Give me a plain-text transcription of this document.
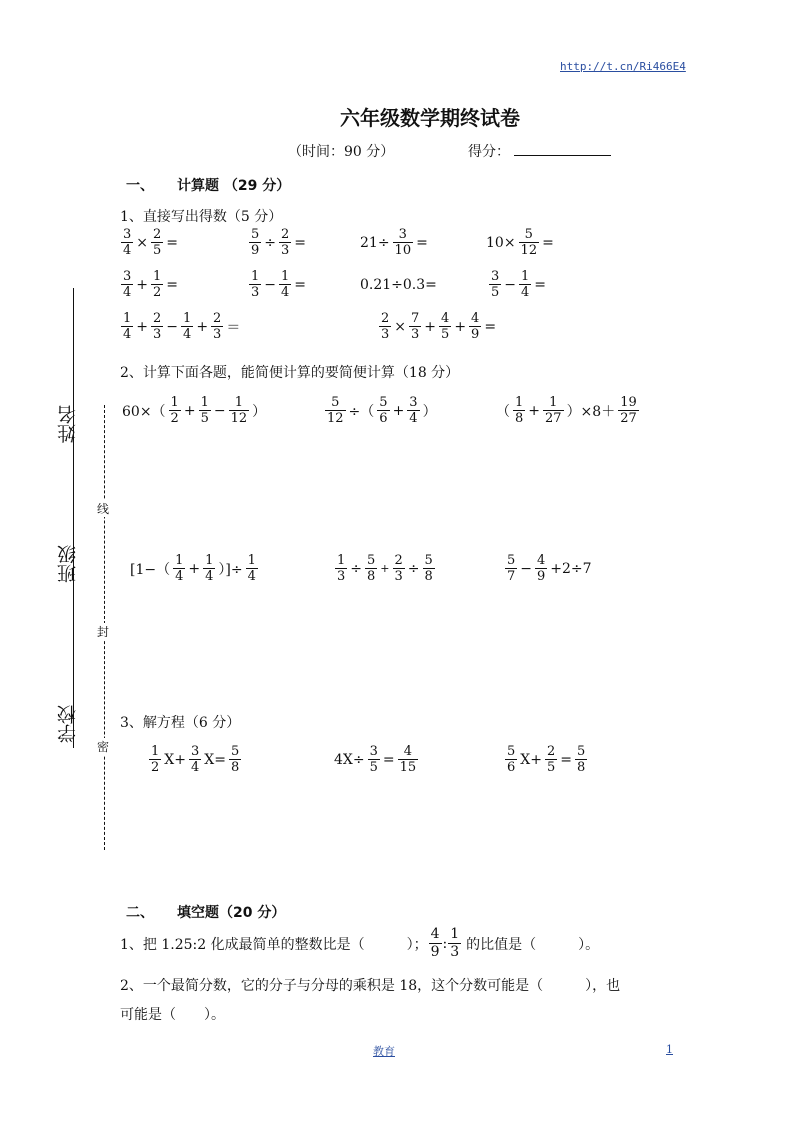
http://t.cn/Ri466E4
六年级数学期终试卷
（时间：90 分）	得分：
一、 计算题 （29 分）
1、直接写出得数（5 分）
$\frac{3}{4} \times \frac{2}{5}$ =	$\frac{5}{9} \div \frac{2}{3}$ =	$21\div \frac{3}{10}$ =	$10\times \frac{5}{12}$ =
$\frac{3}{4} + \frac{1}{2}$ =	$\frac{1}{3} - \frac{1}{4}$ =	0.21÷0.3=	$\frac{3}{5} - \frac{1}{4}$ =
$\frac{1}{4} + \frac{2}{3} - \frac{1}{4} + \frac{2}{3}$ ＝	$\frac{2}{3} \times \frac{7}{3} + \frac{4}{5} + \frac{4}{9}$ =
2、计算下面各题，能简便计算的要简便计算（18 分）
$60\times( \frac{1}{2} + \frac{1}{5} - \frac{1}{12}$ ）	$\frac{5}{12}$ ÷（ $\frac{5}{6} + \frac{3}{4}$ ）	（ $\frac{1}{8} + \frac{1}{27} )\times 8+ \frac{19}{27}$
[$1-( \frac{1}{4} + \frac{1}{4}$ ）]÷ $\frac{1}{4}$	$\frac{1}{3} \div \frac{5}{8} + \frac{2}{3} \div \frac{5}{8}$	$\frac{5}{7} - \frac{4}{9} +2\div 7$
3、解方程（6 分）
$\frac{1}{2} X+ \frac{3}{4} X= \frac{5}{8}$	$4X\div \frac{3}{5} = \frac{4}{15}$	$\frac{5}{6} X+ \frac{2}{5} = \frac{5}{8}$
二、 填空题（20 分）
1、把 1.25:2 化成最简单的整数比是（　　　）； $\frac{4}{9}$ : $\frac{1}{3}$ 的比值是（　　　）。
2、一个最简分数，它的分子与分母的乘积是 18，这个分数可能是（　　　），也
可能是（　　）。
姓名
班级
学校
线
封
密
教育	1
